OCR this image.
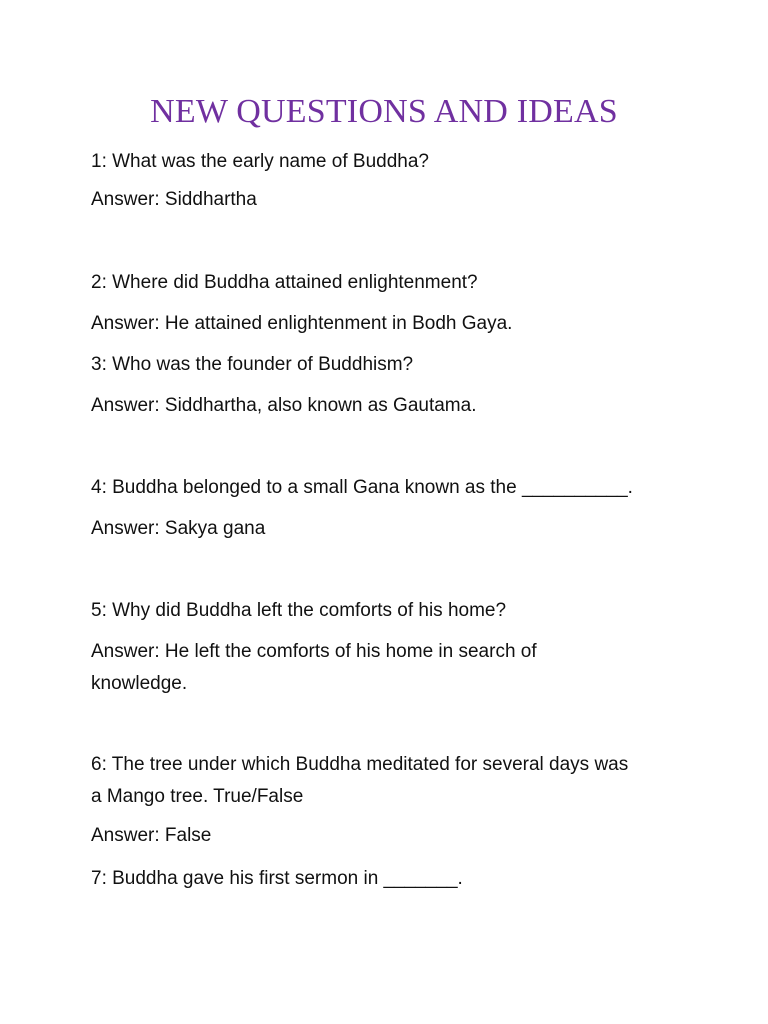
NEW QUESTIONS AND IDEAS
1: What was the early name of Buddha?
Answer: Siddhartha
2: Where did Buddha attained enlightenment?
Answer: He attained enlightenment in Bodh Gaya.
3: Who was the founder of Buddhism?
Answer: Siddhartha, also known as Gautama.
4: Buddha belonged to a small Gana known as the __________.
Answer: Sakya gana
5: Why did Buddha left the comforts of his home?
Answer: He left the comforts of his home in search of
knowledge.
6: The tree under which Buddha meditated for several days was
a Mango tree. True/False
Answer: False
7: Buddha gave his first sermon in _______.
